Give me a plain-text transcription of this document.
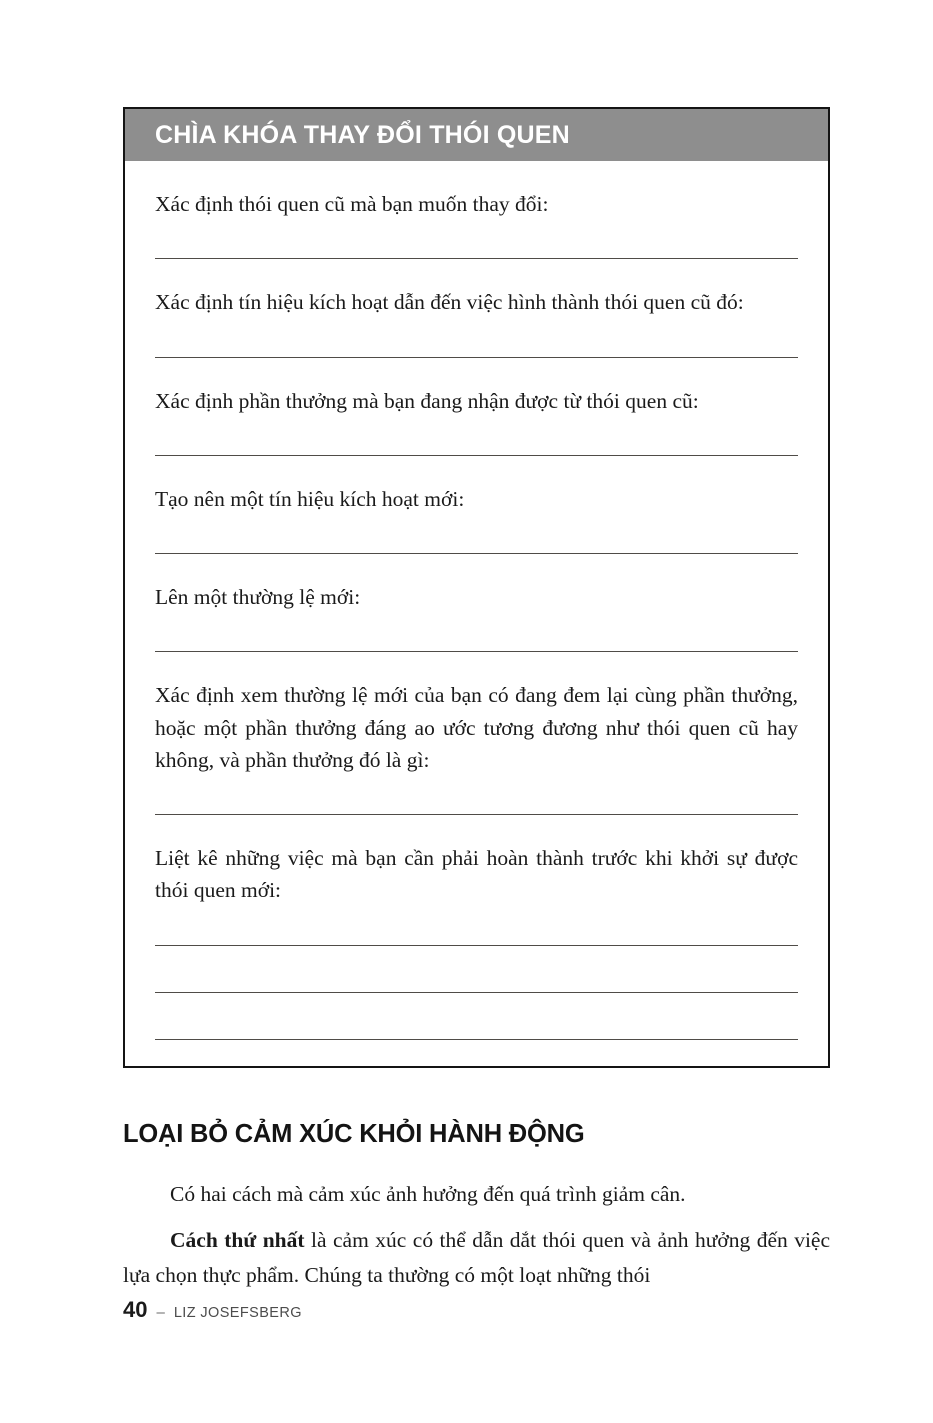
CHÌA KHÓA THAY ĐỔI THÓI QUEN

Xác định thói quen cũ mà bạn muốn thay đổi:

Xác định tín hiệu kích hoạt dẫn đến việc hình thành thói quen cũ đó:

Xác định phần thưởng mà bạn đang nhận được từ thói quen cũ:

Tạo nên một tín hiệu kích hoạt mới:

Lên một thường lệ mới:

Xác định xem thường lệ mới của bạn có đang đem lại cùng phần thưởng, hoặc một phần thưởng đáng ao ước tương đương như thói quen cũ hay không, và phần thưởng đó là gì:

Liệt kê những việc mà bạn cần phải hoàn thành trước khi khởi sự được thói quen mới:

LOẠI BỎ CẢM XÚC KHỎI HÀNH ĐỘNG

Có hai cách mà cảm xúc ảnh hưởng đến quá trình giảm cân.

Cách thứ nhất là cảm xúc có thể dẫn dắt thói quen và ảnh hưởng đến việc lựa chọn thực phẩm. Chúng ta thường có một loạt những thói

40 – LIZ JOSEFSBERG
